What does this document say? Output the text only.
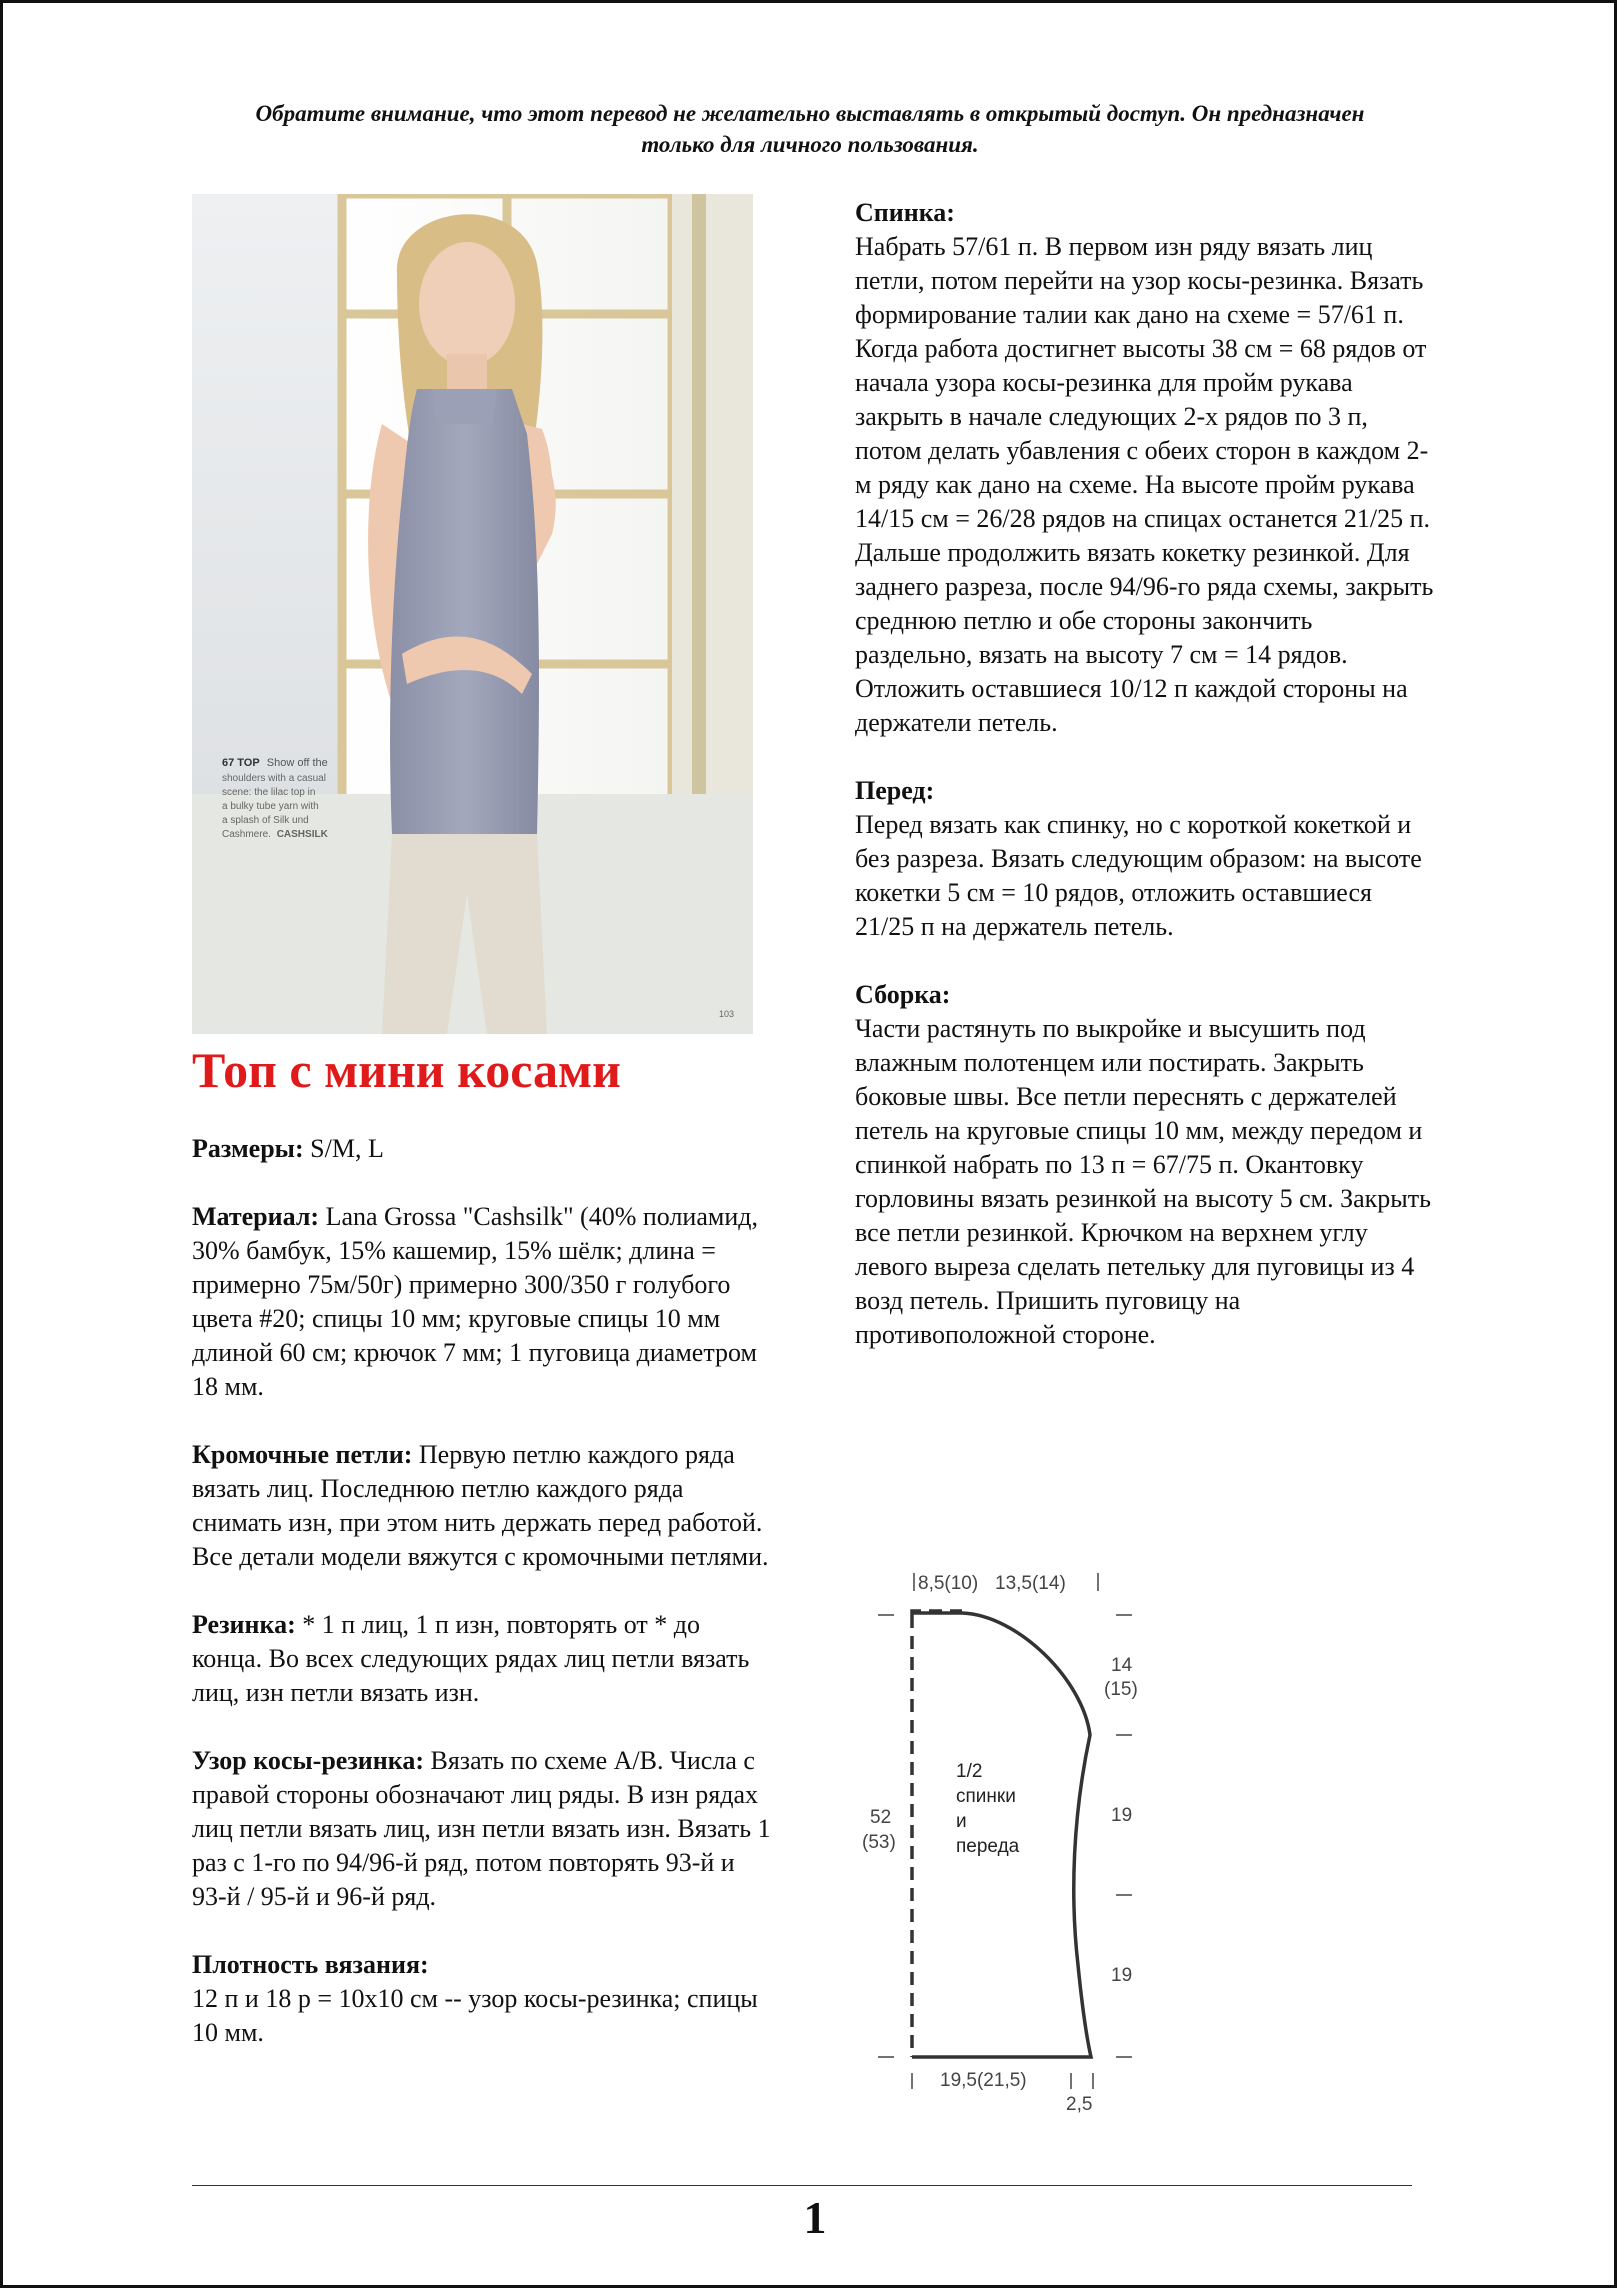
Обратите внимание, что этот перевод не желательно выставлять в открытый доступ. Он предназначен только для личного пользования.
67 TOP Show off the
shoulders with a casual
scene: the lilac top in
a bulky tube yarn with
a splash of Silk und
Cashmere. CASHSILK
103
Топ с мини косами

Размеры: S/M, L

Материал: Lana Grossa "Cashsilk" (40% полиамид, 30% бамбук, 15% кашемир, 15% шёлк; длина = примерно 75м/50г) примерно 300/350 г голубого цвета #20; спицы 10 мм; круговые спицы 10 мм длиной 60 см; крючок 7 мм; 1 пуговица диаметром 18 мм.

Кромочные петли: Первую петлю каждого ряда вязать лиц. Последнюю петлю каждого ряда снимать изн, при этом нить держать перед работой. Все детали модели вяжутся с кромочными петлями.

Резинка: * 1 п лиц, 1 п изн, повторять от * до конца. Во всех следующих рядах лиц петли вязать лиц, изн петли вязать изн.

Узор косы-резинка: Вязать по схеме A/B. Числа с правой стороны обозначают лиц ряды. В изн рядах лиц петли вязать лиц, изн петли вязать изн. Вязать 1 раз с 1-го по 94/96-й ряд, потом повторять 93-й и 93-й / 95-й и 96-й ряд.

Плотность вязания:
12 п и 18 р = 10x10 см -- узор косы-резинка; спицы 10 мм.

Спинка:
Набрать 57/61 п. В первом изн ряду вязать лиц петли, потом перейти на узор косы-резинка. Вязать формирование талии как дано на схеме = 57/61 п. Когда работа достигнет высоты 38 см = 68 рядов от начала узора косы-резинка для пройм рукава закрыть в начале следующих 2-х рядов по 3 п, потом делать убавления с обеих сторон в каждом 2-м ряду как дано на схеме. На высоте пройм рукава 14/15 см = 26/28 рядов на спицах останется 21/25 п. Дальше продолжить вязать кокетку резинкой. Для заднего разреза, после 94/96-го ряда схемы, закрыть среднюю петлю и обе стороны закончить раздельно, вязать на высоту 7 см = 14 рядов. Отложить оставшиеся 10/12 п каждой стороны на держатели петель.

Перед:
Перед вязать как спинку, но с короткой кокеткой и без разреза. Вязать следующим образом: на высоте кокетки 5 см = 10 рядов, отложить оставшиеся 21/25 п на держатель петель.

Сборка:
Части растянуть по выкройке и высушить под влажным полотенцем или постирать. Закрыть боковые швы. Все петли переснять с держателей петель на круговые спицы 10 мм, между передом и спинкой набрать по 13 п = 67/75 п. Окантовку горловины вязать резинкой на высоту 5 см. Закрыть все петли резинкой. Крючком на верхнем углу левого выреза сделать петельку для пуговицы из 4 возд петель. Пришить пуговицу на противоположной стороне.

8,5(10) 13,5(14)
14
(15)
19
19
52
(53)
1/2
спинки
и
переда
19,5(21,5)
2,5
1
